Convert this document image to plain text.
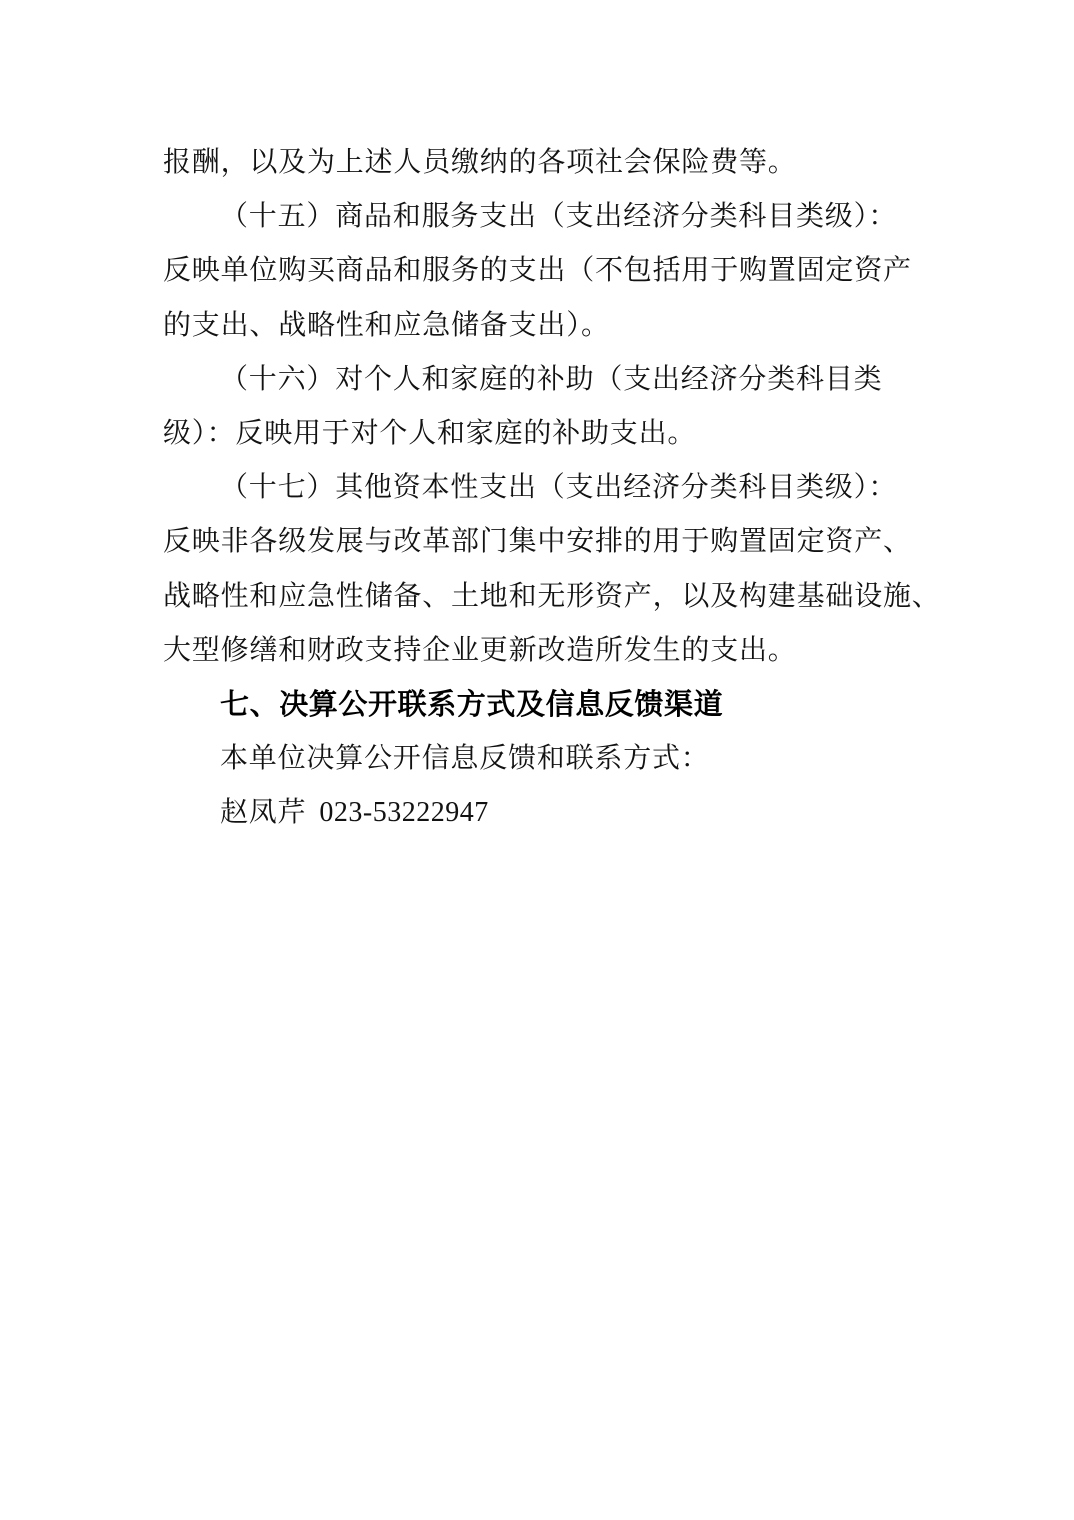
报酬，以及为上述人员缴纳的各项社会保险费等。
（十五）商品和服务支出（支出经济分类科目类级）：
反映单位购买商品和服务的支出（不包括用于购置固定资产
的支出、战略性和应急储备支出）。
（十六）对个人和家庭的补助（支出经济分类科目类
级）：反映用于对个人和家庭的补助支出。
（十七）其他资本性支出（支出经济分类科目类级）：
反映非各级发展与改革部门集中安排的用于购置固定资产、
战略性和应急性储备、土地和无形资产，以及构建基础设施、
大型修缮和财政支持企业更新改造所发生的支出。
七、决算公开联系方式及信息反馈渠道
本单位决算公开信息反馈和联系方式：
赵凤芹 023-53222947
